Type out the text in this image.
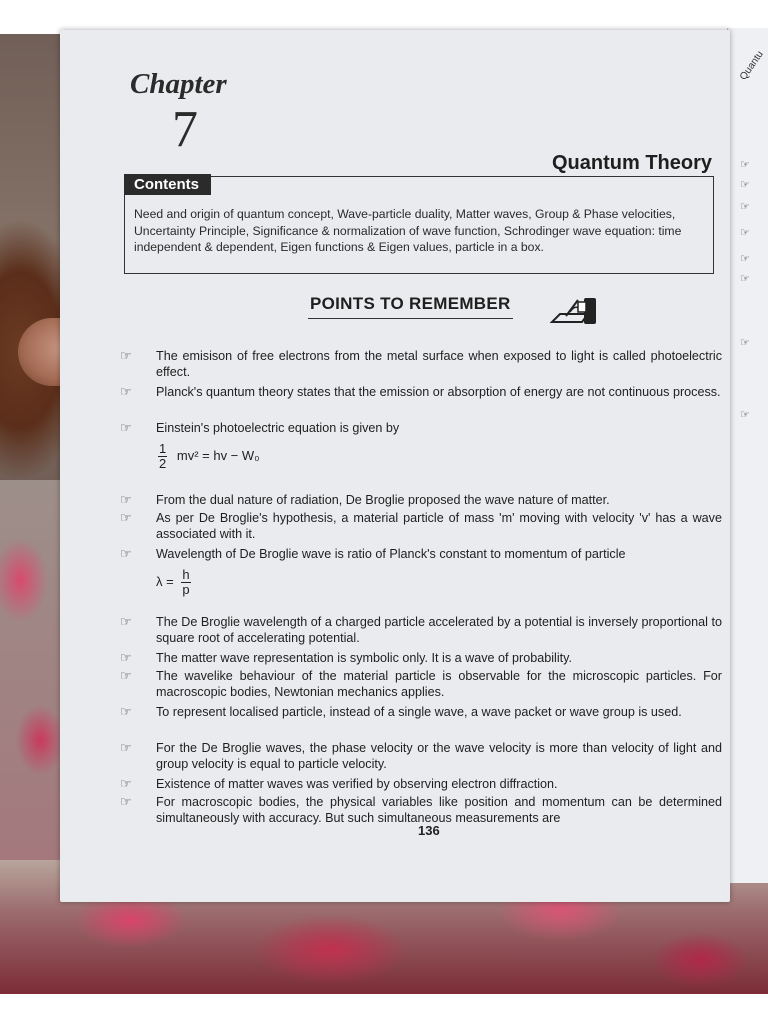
Quantu
☞
☞
☞
☞
☞
☞
☞
☞
Chapter
7
Quantum Theory
Contents
Need and origin of quantum concept, Wave-particle duality, Matter waves, Group & Phase velocities, Uncertainty Principle, Significance & normalization of wave function, Schrodinger wave equation: time independent & dependent, Eigen functions & Eigen values, particle in a box.
POINTS TO REMEMBER
☞ The emisison of free electrons from the metal surface when exposed to light is called photoelectric effect.
☞ Planck's quantum theory states that the emission or absorption of energy are not continuous process.
☞ Einstein's photoelectric equation is given by
$\frac{1}{2} mv^2$ = hv − W₀
☞ From the dual nature of radiation, De Broglie proposed the wave nature of matter.
☞ As per De Broglie's hypothesis, a material particle of mass 'm' moving with velocity 'v' has a wave associated with it.
☞ Wavelength of De Broglie wave is ratio of Planck's constant to momentum of particle
$\lambda = \frac{h}{p}$
☞ The De Broglie wavelength of a charged particle accelerated by a potential is inversely proportional to square root of accelerating potential.
☞ The matter wave representation is symbolic only. It is a wave of probability.
☞ The wavelike behaviour of the material particle is observable for the microscopic particles. For macroscopic bodies, Newtonian mechanics applies.
☞ To represent localised particle, instead of a single wave, a wave packet or wave group is used.
☞ For the De Broglie waves, the phase velocity or the wave velocity is more than velocity of light and group velocity is equal to particle velocity.
☞ Existence of matter waves was verified by observing electron diffraction.
☞ For macroscopic bodies, the physical variables like position and momentum can be determined simultaneously with accuracy. But such simultaneous measurements are
136
